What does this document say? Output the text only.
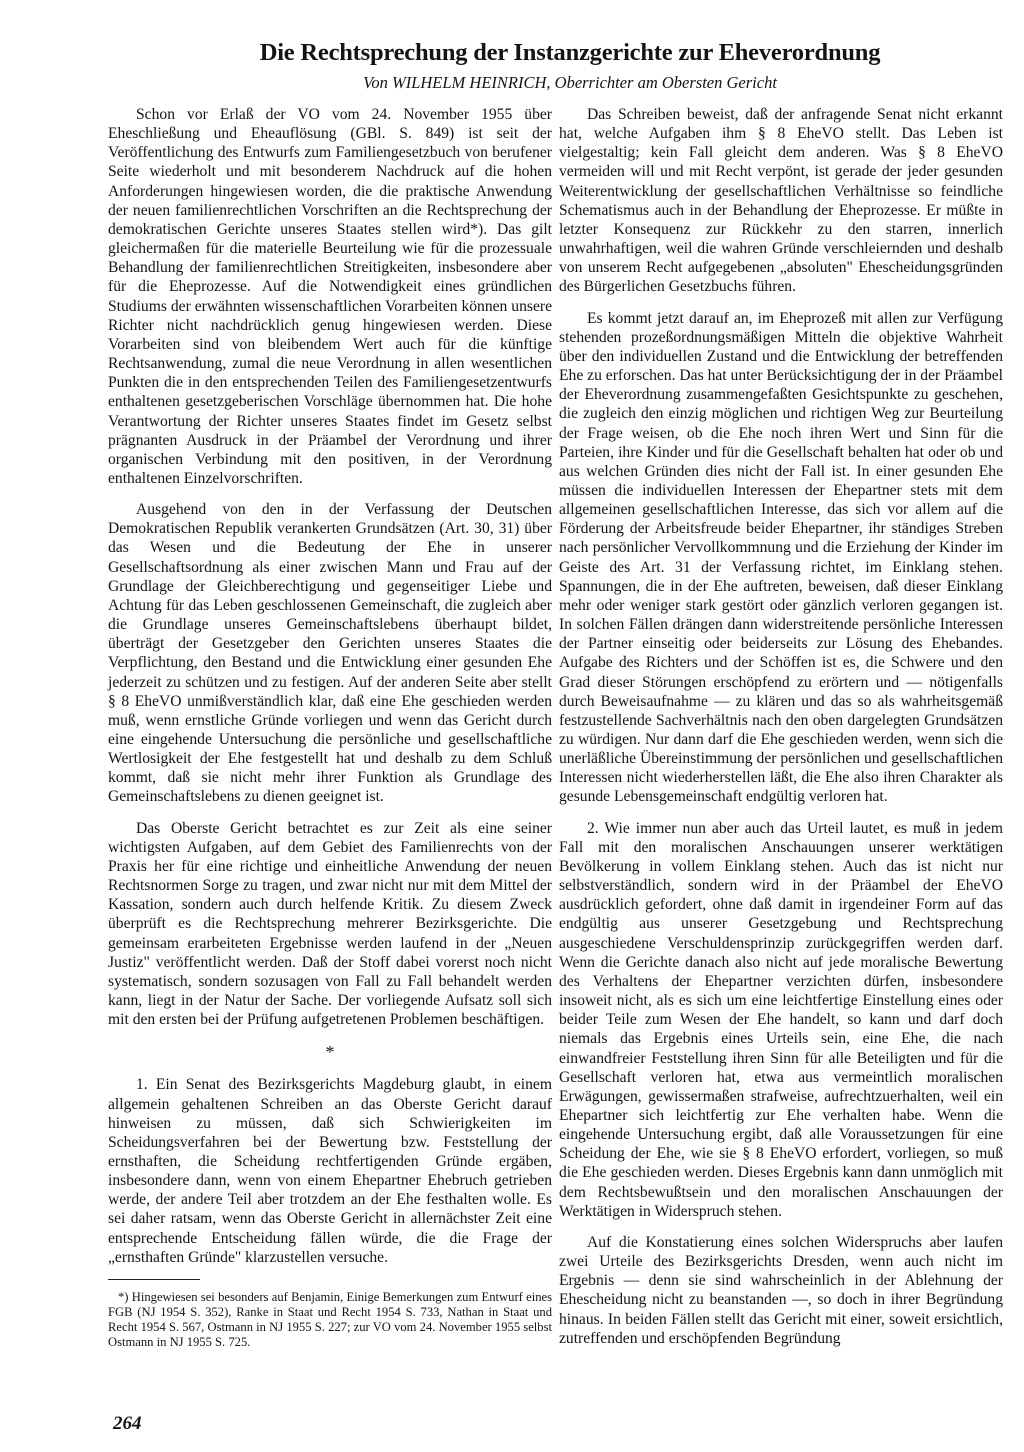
Die Rechtsprechung der Instanzgerichte zur Eheverordnung

Von WILHELM HEINRICH, Oberrichter am Obersten Gericht

Schon vor Erlaß der VO vom 24. November 1955 über Eheschließung und Eheauflösung (GBl. S. 849) ist seit der Veröffentlichung des Entwurfs zum Familiengesetzbuch von berufener Seite wiederholt und mit besonderem Nachdruck auf die hohen Anforderungen hingewiesen worden, die die praktische Anwendung der neuen familienrechtlichen Vorschriften an die Rechtsprechung der demokratischen Gerichte unseres Staates stellen wird*). Das gilt gleichermaßen für die materielle Beurteilung wie für die prozessuale Behandlung der familienrechtlichen Streitigkeiten, insbesondere aber für die Eheprozesse. Auf die Notwendigkeit eines gründlichen Studiums der erwähnten wissenschaftlichen Vorarbeiten können unsere Richter nicht nachdrücklich genug hingewiesen werden. Diese Vorarbeiten sind von bleibendem Wert auch für die künftige Rechtsanwendung, zumal die neue Verordnung in allen wesentlichen Punkten die in den entsprechenden Teilen des Familiengesetzentwurfs enthaltenen gesetzgeberischen Vorschläge übernommen hat. Die hohe Verantwortung der Richter unseres Staates findet im Gesetz selbst prägnanten Ausdruck in der Präambel der Verordnung und ihrer organischen Verbindung mit den positiven, in der Verordnung enthaltenen Einzelvorschriften.

Ausgehend von den in der Verfassung der Deutschen Demokratischen Republik verankerten Grundsätzen (Art. 30, 31) über das Wesen und die Bedeutung der Ehe in unserer Gesellschaftsordnung als einer zwischen Mann und Frau auf der Grundlage der Gleichberechtigung und gegenseitiger Liebe und Achtung für das Leben geschlossenen Gemeinschaft, die zugleich aber die Grundlage unseres Gemeinschaftslebens überhaupt bildet, überträgt der Gesetzgeber den Gerichten unseres Staates die Verpflichtung, den Bestand und die Entwicklung einer gesunden Ehe jederzeit zu schützen und zu festigen. Auf der anderen Seite aber stellt § 8 EheVO unmißverständlich klar, daß eine Ehe geschieden werden muß, wenn ernstliche Gründe vorliegen und wenn das Gericht durch eine eingehende Untersuchung die persönliche und gesellschaftliche Wertlosigkeit der Ehe festgestellt hat und deshalb zu dem Schluß kommt, daß sie nicht mehr ihrer Funktion als Grundlage des Gemeinschaftslebens zu dienen geeignet ist.

Das Oberste Gericht betrachtet es zur Zeit als eine seiner wichtigsten Aufgaben, auf dem Gebiet des Familienrechts von der Praxis her für eine richtige und einheitliche Anwendung der neuen Rechtsnormen Sorge zu tragen, und zwar nicht nur mit dem Mittel der Kassation, sondern auch durch helfende Kritik. Zu diesem Zweck überprüft es die Rechtsprechung mehrerer Bezirksgerichte. Die gemeinsam erarbeiteten Ergebnisse werden laufend in der „Neuen Justiz" veröffentlicht werden. Daß der Stoff dabei vorerst noch nicht systematisch, sondern sozusagen von Fall zu Fall behandelt werden kann, liegt in der Natur der Sache. Der vorliegende Aufsatz soll sich mit den ersten bei der Prüfung aufgetretenen Problemen beschäftigen.

*

1. Ein Senat des Bezirksgerichts Magdeburg glaubt, in einem allgemein gehaltenen Schreiben an das Oberste Gericht darauf hinweisen zu müssen, daß sich Schwierigkeiten im Scheidungsverfahren bei der Bewertung bzw. Feststellung der ernsthaften, die Scheidung rechtfertigenden Gründe ergäben, insbesondere dann, wenn von einem Ehepartner Ehebruch getrieben werde, der andere Teil aber trotzdem an der Ehe festhalten wolle. Es sei daher ratsam, wenn das Oberste Gericht in allernächster Zeit eine entsprechende Entscheidung fällen würde, die die Frage der „ernsthaften Gründe" klarzustellen versuche.

*) Hingewiesen sei besonders auf Benjamin, Einige Bemerkungen zum Entwurf eines FGB (NJ 1954 S. 352), Ranke in Staat und Recht 1954 S. 733, Nathan in Staat und Recht 1954 S. 567, Ostmann in NJ 1955 S. 227; zur VO vom 24. November 1955 selbst Ostmann in NJ 1955 S. 725.

Das Schreiben beweist, daß der anfragende Senat nicht erkannt hat, welche Aufgaben ihm § 8 EheVO stellt. Das Leben ist vielgestaltig; kein Fall gleicht dem anderen. Was § 8 EheVO vermeiden will und mit Recht verpönt, ist gerade der jeder gesunden Weiterentwicklung der gesellschaftlichen Verhältnisse so feindliche Schematismus auch in der Behandlung der Eheprozesse. Er müßte in letzter Konsequenz zur Rückkehr zu den starren, innerlich unwahrhaftigen, weil die wahren Gründe verschleiernden und deshalb von unserem Recht aufgegebenen „absoluten" Ehescheidungsgründen des Bürgerlichen Gesetzbuchs führen.

Es kommt jetzt darauf an, im Eheprozeß mit allen zur Verfügung stehenden prozeßordnungsmäßigen Mitteln die objektive Wahrheit über den individuellen Zustand und die Entwicklung der betreffenden Ehe zu erforschen. Das hat unter Berücksichtigung der in der Präambel der Eheverordnung zusammengefaßten Gesichtspunkte zu geschehen, die zugleich den einzig möglichen und richtigen Weg zur Beurteilung der Frage weisen, ob die Ehe noch ihren Wert und Sinn für die Parteien, ihre Kinder und für die Gesellschaft behalten hat oder ob und aus welchen Gründen dies nicht der Fall ist. In einer gesunden Ehe müssen die individuellen Interessen der Ehepartner stets mit dem allgemeinen gesellschaftlichen Interesse, das sich vor allem auf die Förderung der Arbeitsfreude beider Ehepartner, ihr ständiges Streben nach persönlicher Vervollkommnung und die Erziehung der Kinder im Geiste des Art. 31 der Verfassung richtet, im Einklang stehen. Spannungen, die in der Ehe auftreten, beweisen, daß dieser Einklang mehr oder weniger stark gestört oder gänzlich verloren gegangen ist. In solchen Fällen drängen dann widerstreitende persönliche Interessen der Partner einseitig oder beiderseits zur Lösung des Ehebandes. Aufgabe des Richters und der Schöffen ist es, die Schwere und den Grad dieser Störungen erschöpfend zu erörtern und — nötigenfalls durch Beweisaufnahme — zu klären und das so als wahrheitsgemäß festzustellende Sachverhältnis nach den oben dargelegten Grundsätzen zu würdigen. Nur dann darf die Ehe geschieden werden, wenn sich die unerläßliche Übereinstimmung der persönlichen und gesellschaftlichen Interessen nicht wiederherstellen läßt, die Ehe also ihren Charakter als gesunde Lebensgemeinschaft endgültig verloren hat.

2. Wie immer nun aber auch das Urteil lautet, es muß in jedem Fall mit den moralischen Anschauungen unserer werktätigen Bevölkerung in vollem Einklang stehen. Auch das ist nicht nur selbstverständlich, sondern wird in der Präambel der EheVO ausdrücklich gefordert, ohne daß damit in irgendeiner Form auf das endgültig aus unserer Gesetzgebung und Rechtsprechung ausgeschiedene Verschuldensprinzip zurückgegriffen werden darf. Wenn die Gerichte danach also nicht auf jede moralische Bewertung des Verhaltens der Ehepartner verzichten dürfen, insbesondere insoweit nicht, als es sich um eine leichtfertige Einstellung eines oder beider Teile zum Wesen der Ehe handelt, so kann und darf doch niemals das Ergebnis eines Urteils sein, eine Ehe, die nach einwandfreier Feststellung ihren Sinn für alle Beteiligten und für die Gesellschaft verloren hat, etwa aus vermeintlich moralischen Erwägungen, gewissermaßen strafweise, aufrechtzuerhalten, weil ein Ehepartner sich leichtfertig zur Ehe verhalten habe. Wenn die eingehende Untersuchung ergibt, daß alle Voraussetzungen für eine Scheidung der Ehe, wie sie § 8 EheVO erfordert, vorliegen, so muß die Ehe geschieden werden. Dieses Ergebnis kann dann unmöglich mit dem Rechtsbewußtsein und den moralischen Anschauungen der Werktätigen in Widerspruch stehen.

Auf die Konstatierung eines solchen Widerspruchs aber laufen zwei Urteile des Bezirksgerichts Dresden, wenn auch nicht im Ergebnis — denn sie sind wahrscheinlich in der Ablehnung der Ehescheidung nicht zu beanstanden —, so doch in ihrer Begründung hinaus. In beiden Fällen stellt das Gericht mit einer, soweit ersichtlich, zutreffenden und erschöpfenden Begründung

264
